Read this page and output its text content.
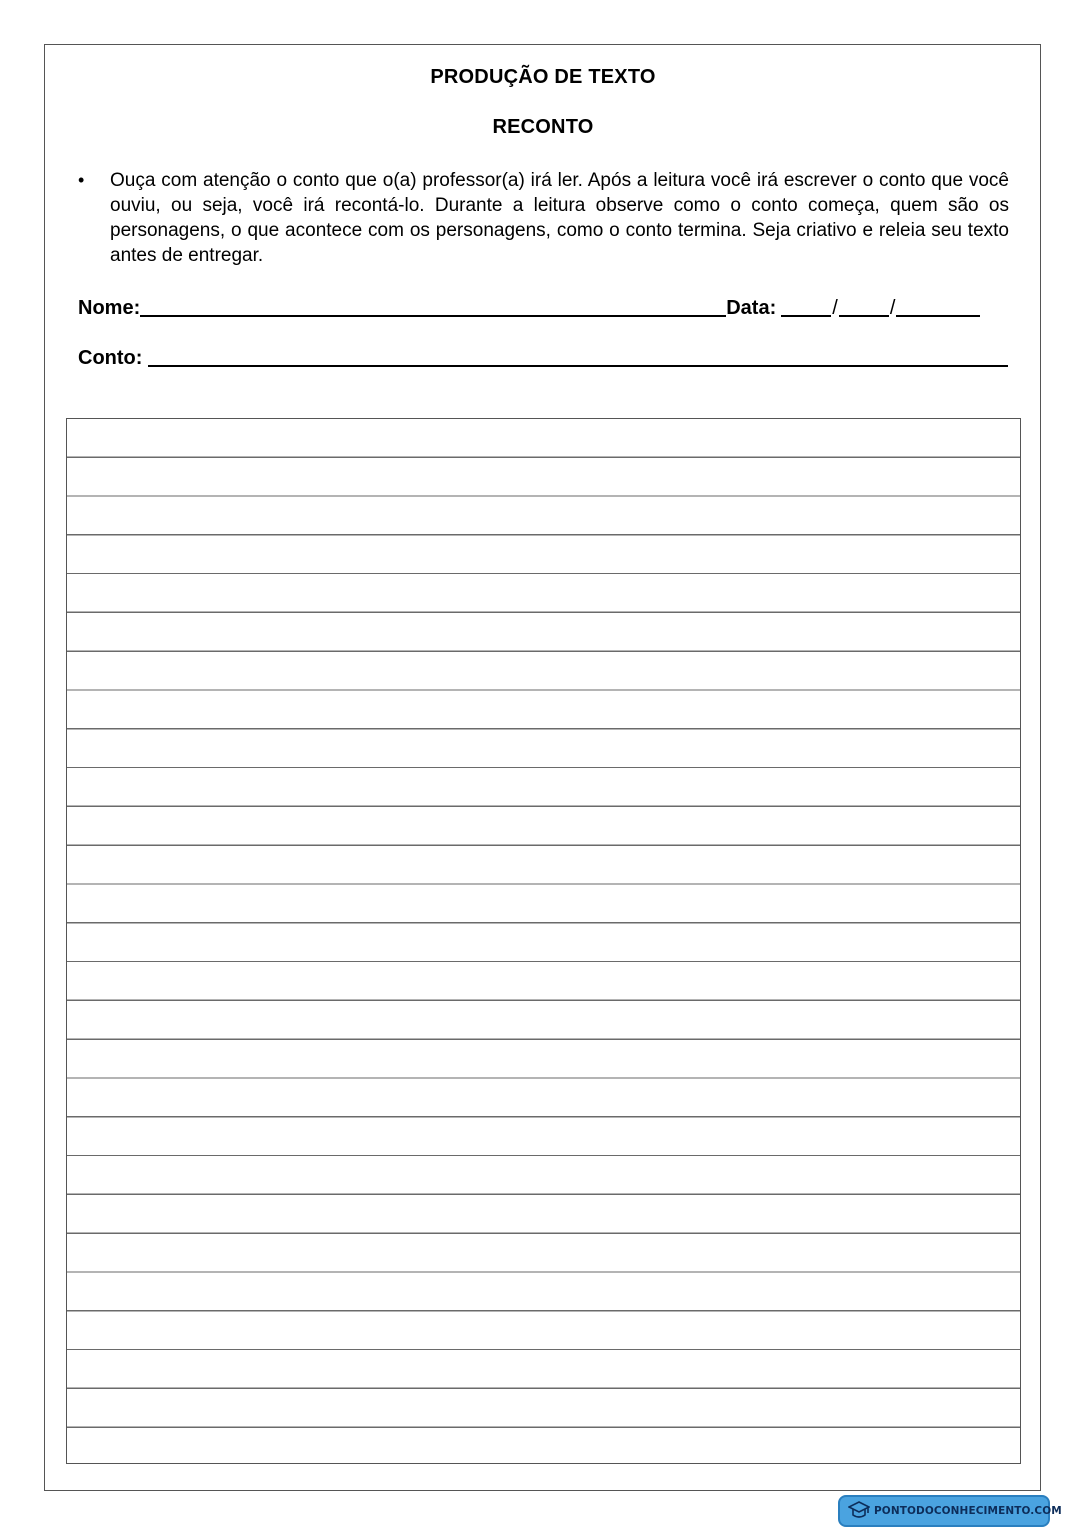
PRODUÇÃO DE TEXTO
RECONTO
•	Ouça com atenção o conto que o(a) professor(a) irá ler. Após a leitura você irá escrever o conto que você ouviu, ou seja, você irá recontá-lo. Durante a leitura observe como o conto começa, quem são os personagens, o que acontece com os personagens, como o conto termina. Seja criativo e releia seu texto antes de entregar.

Nome:	Data:	/	/
Conto:
PONTODOCONHECIMENTO.COM
